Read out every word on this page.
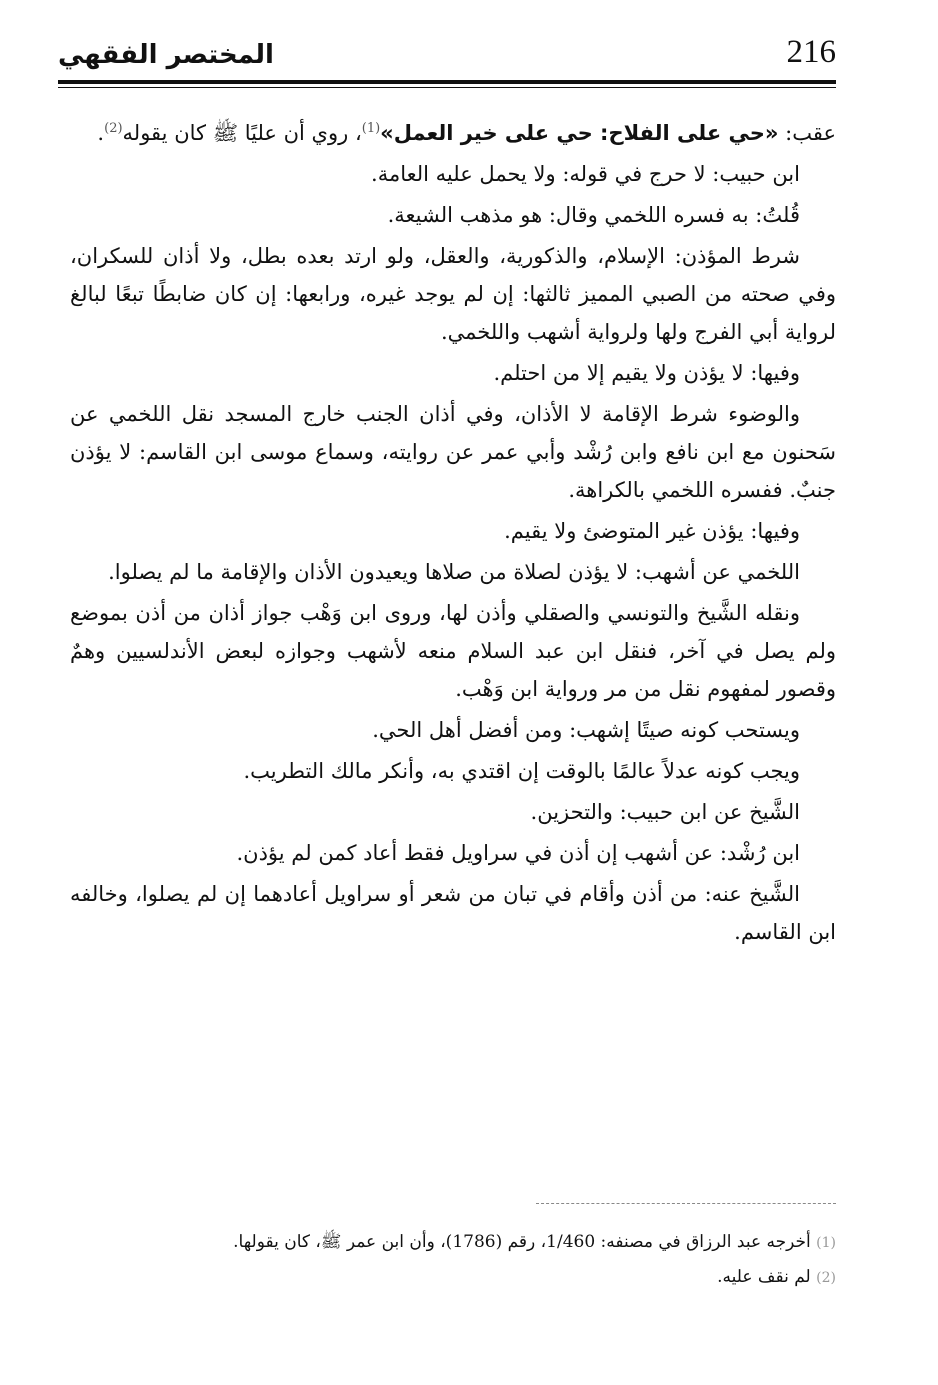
المختصر الفقهي	216

عقب: «حي على الفلاح: حي على خير العمل»$^{(1)}$، روي أن عليًا ﷺ كان يقوله$^{(2)}$.

ابن حبيب: لا حرج في قوله: ولا يحمل عليه العامة.

قُلتُ: به فسره اللخمي وقال: هو مذهب الشيعة.

شرط المؤذن: الإسلام، والذكورية، والعقل، ولو ارتد بعده بطل، ولا أذان للسكران، وفي صحته من الصبي المميز ثالثها: إن لم يوجد غيره، ورابعها: إن كان ضابطًا تبعًا لبالغ لرواية أبي الفرج ولها ولرواية أشهب واللخمي.

وفيها: لا يؤذن ولا يقيم إلا من احتلم.

والوضوء شرط الإقامة لا الأذان، وفي أذان الجنب خارج المسجد نقل اللخمي عن سَحنون مع ابن نافع وابن رُشْد وأبي عمر عن روايته، وسماع موسى ابن القاسم: لا يؤذن جنبٌ. ففسره اللخمي بالكراهة.

وفيها: يؤذن غير المتوضئ ولا يقيم.

اللخمي عن أشهب: لا يؤذن لصلاة من صلاها ويعيدون الأذان والإقامة ما لم يصلوا.

ونقله الشَّيخ والتونسي والصقلي وأذن لها، وروى ابن وَهْب جواز أذان من أذن بموضع ولم يصل في آخر، فنقل ابن عبد السلام منعه لأشهب وجوازه لبعض الأندلسيين وهمٌ وقصور لمفهوم نقل من مر ورواية ابن وَهْب.

ويستحب كونه صيتًا إشهب: ومن أفضل أهل الحي.

ويجب كونه عدلاً عالمًا بالوقت إن اقتدي به، وأنكر مالك التطريب.

الشَّيخ عن ابن حبيب: والتحزين.

ابن رُشْد: عن أشهب إن أذن في سراويل فقط أعاد كمن لم يؤذن.

الشَّيخ عنه: من أذن وأقام في تبان من شعر أو سراويل أعادهما إن لم يصلوا، وخالفه ابن القاسم.

(1) أخرجه عبد الرزاق في مصنفه: 1/460، رقم (1786)، وأن ابن عمر ﷺ، كان يقولها.

(2) لم نقف عليه.
